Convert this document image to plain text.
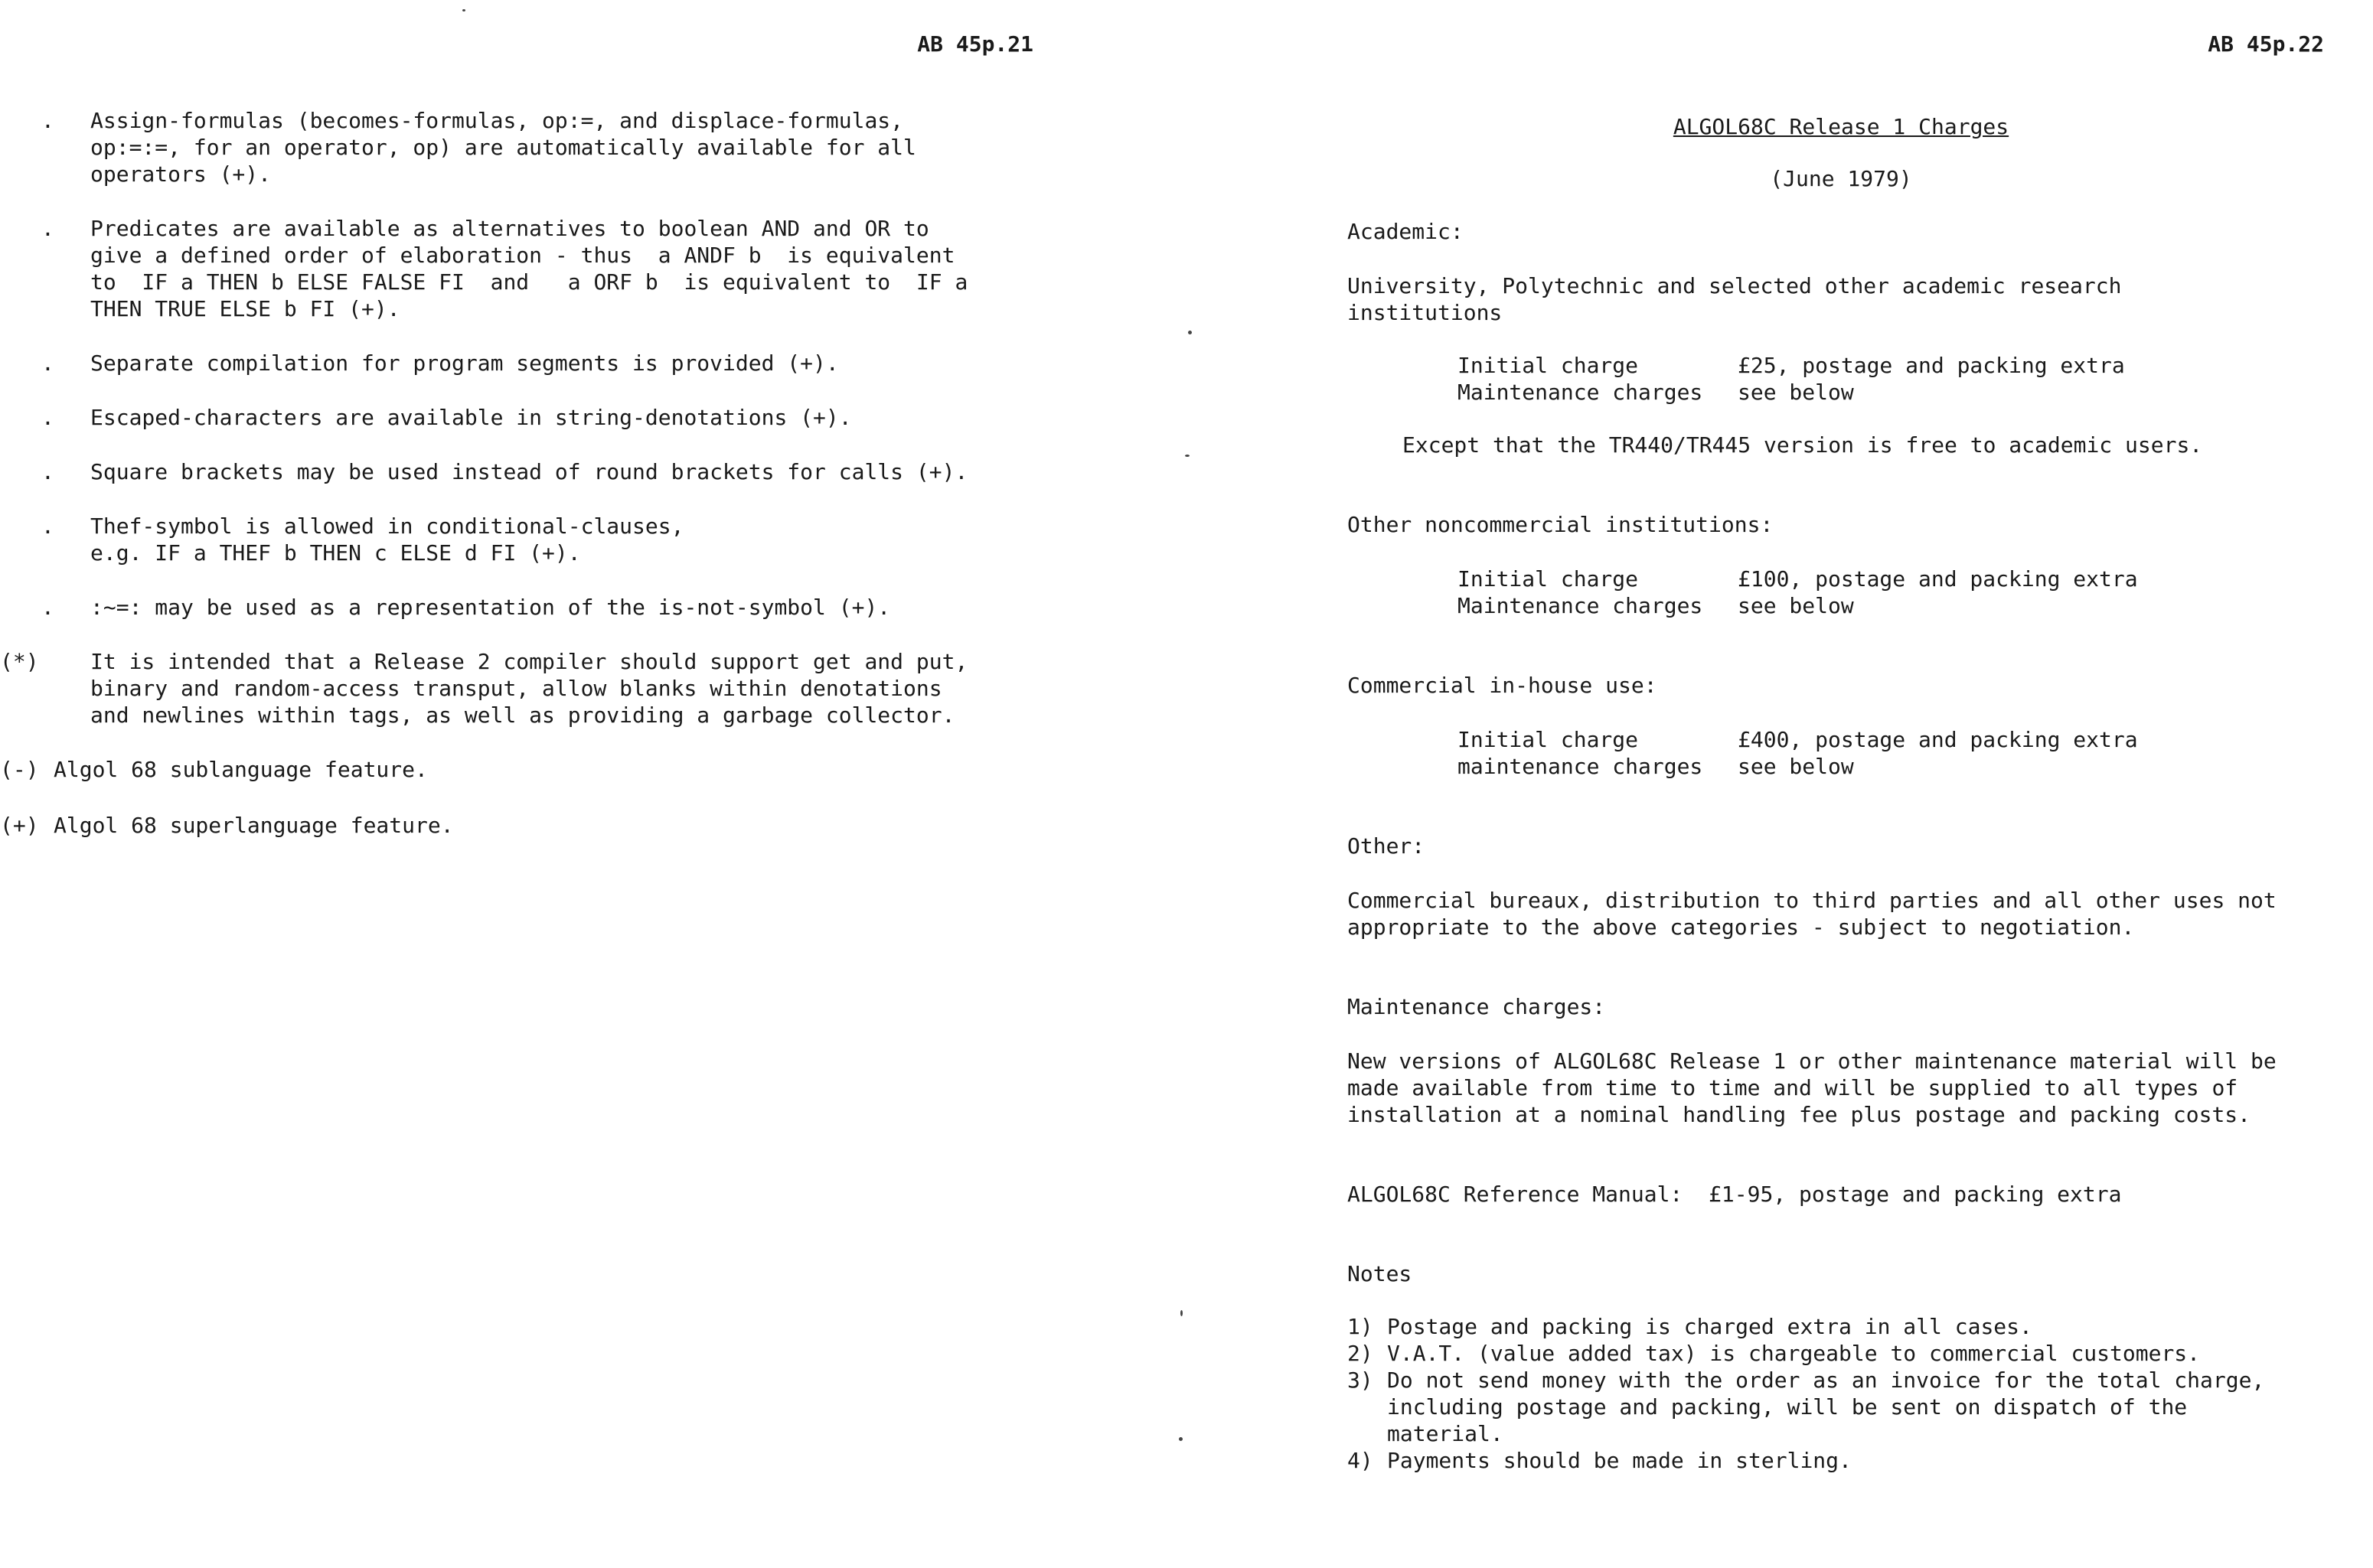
AB 45p.21
.	Assign-formulas (becomes-formulas, op:=, and displace-formulas,
op:=:=, for an operator, op) are automatically available for all
operators (+).
.	Predicates are available as alternatives to boolean AND and OR to
give a defined order of elaboration - thus  a ANDF b  is equivalent
to  IF a THEN b ELSE FALSE FI  and   a ORF b  is equivalent to  IF a
THEN TRUE ELSE b FI (+).
.	Separate compilation for program segments is provided (+).
.	Escaped-characters are available in string-denotations (+).
.	Square brackets may be used instead of round brackets for calls (+).
.	Thef-symbol is allowed in conditional-clauses,
e.g. IF a THEF b THEN c ELSE d FI (+).
.	:~=: may be used as a representation of the is-not-symbol (+).
(*)	It is intended that a Release 2 compiler should support get and put,
binary and random-access transput, allow blanks within denotations
and newlines within tags, as well as providing a garbage collector.
(-) Algol 68 sublanguage feature.
(+) Algol 68 superlanguage feature.
AB 45p.22

ALGOL68C Release 1 Charges

(June 1979)

Academic:

University, Polytechnic and selected other academic research
institutions

Initial charge	£25, postage and packing extra
Maintenance charges	see below

Except that the TR440/TR445 version is free to academic users.

Other noncommercial institutions:

Initial charge	£100, postage and packing extra
Maintenance charges	see below

Commercial in-house use:

Initial charge	£400, postage and packing extra
maintenance charges	see below

Other:

Commercial bureaux, distribution to third parties and all other uses not
appropriate to the above categories - subject to negotiation.

Maintenance charges:

New versions of ALGOL68C Release 1 or other maintenance material will be
made available from time to time and will be supplied to all types of
installation at a nominal handling fee plus postage and packing costs.

ALGOL68C Reference Manual:  £1-95, postage and packing extra

Notes

1) Postage and packing is charged extra in all cases.
2) V.A.T. (value added tax) is chargeable to commercial customers.
3) Do not send money with the order as an invoice for the total charge,
including postage and packing, will be sent on dispatch of the
material.
4) Payments should be made in sterling.
